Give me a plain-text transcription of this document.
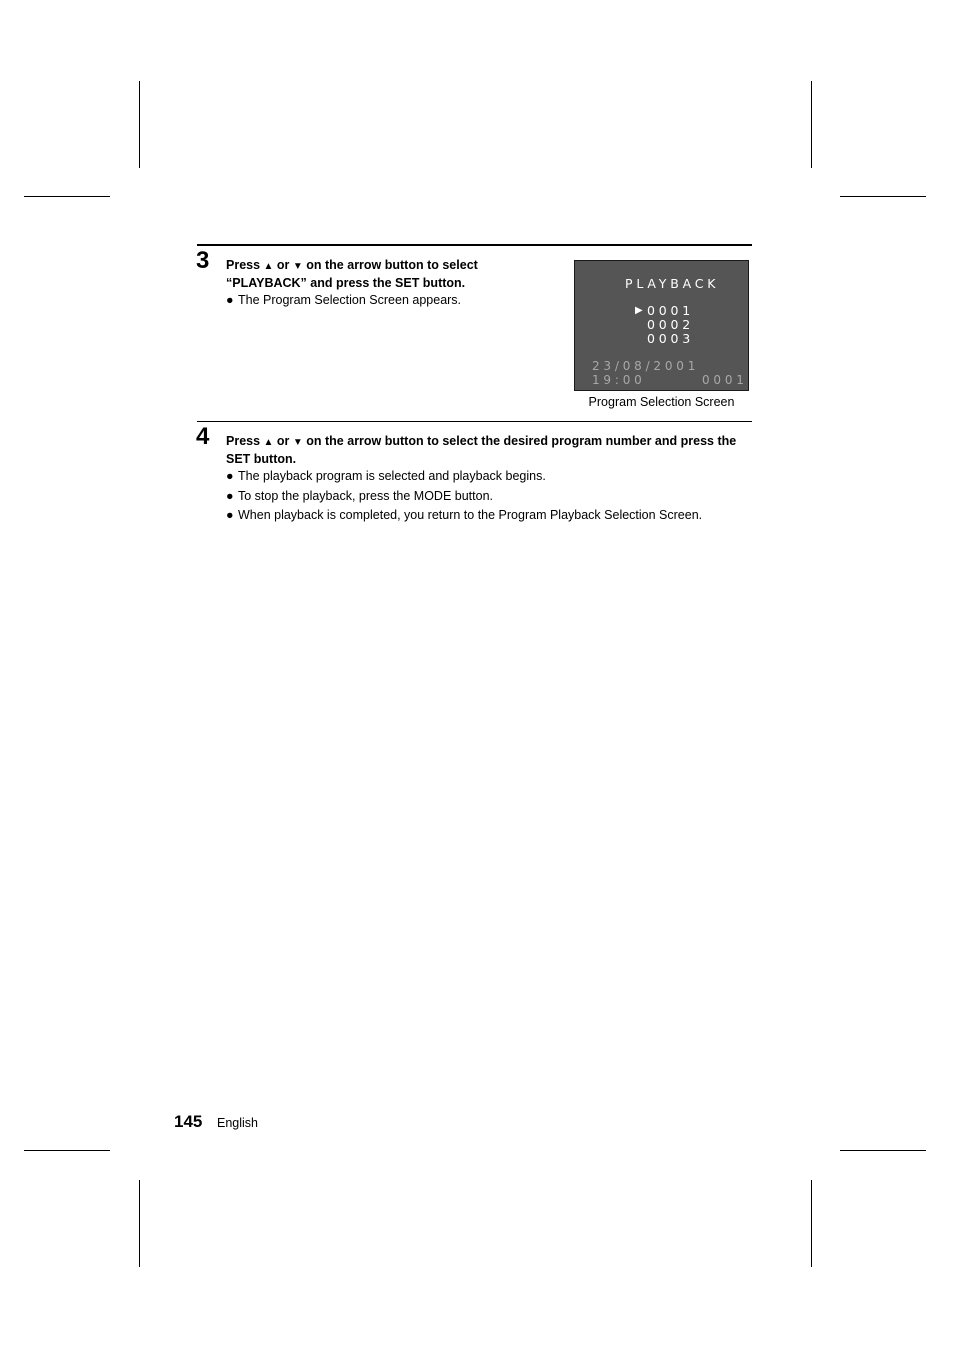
3 Press ▲ or ▼ on the arrow button to select
“PLAYBACK” and press the SET button.

● The Program Selection Screen appears.
PLAYBACK
▶ 0001
0002
0003
23/08/2001
19:00	0001
Program Selection Screen
4 Press ▲ or ▼ on the arrow button to select the desired program number and press the
SET button.

● The playback program is selected and playback begins.
● To stop the playback, press the MODE button.
● When playback is completed, you return to the Program Playback Selection Screen.
145 English
